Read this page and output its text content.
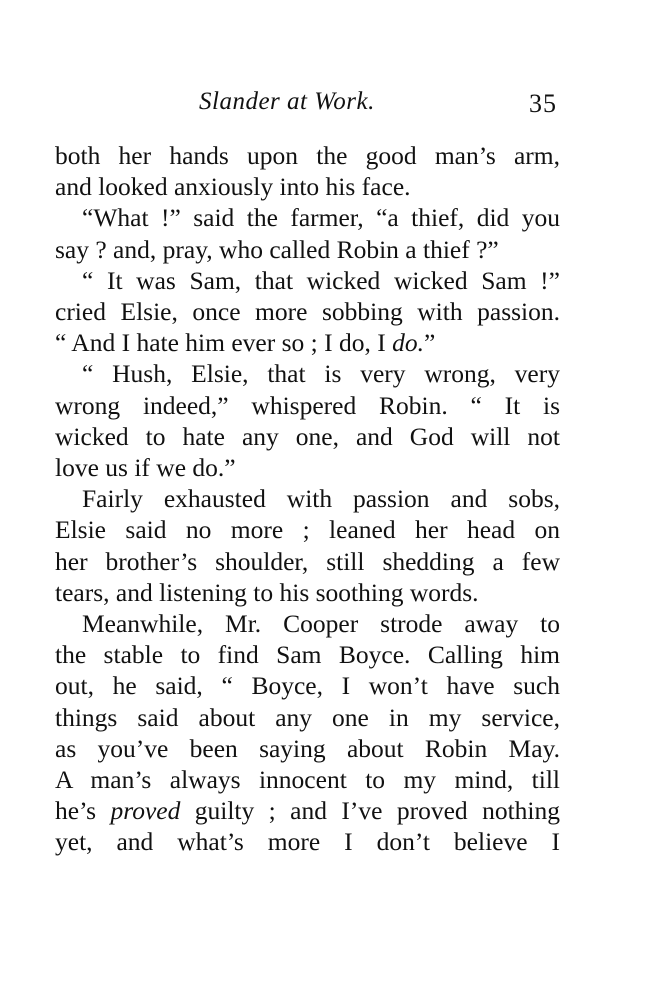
Slander at Work.	35
both her hands upon the good man’s arm,
and looked anxiously into his face.
“What !” said the farmer, “a thief, did you
say ? and, pray, who called Robin a thief ?”
“ It was Sam, that wicked wicked Sam !”
cried Elsie, once more sobbing with passion.
“ And I hate him ever so ; I do, I do.”
“ Hush, Elsie, that is very wrong, very
wrong indeed,” whispered Robin. “ It is
wicked to hate any one, and God will not
love us if we do.”
Fairly exhausted with passion and sobs,
Elsie said no more ; leaned her head on
her brother’s shoulder, still shedding a few
tears, and listening to his soothing words.
Meanwhile, Mr. Cooper strode away to
the stable to find Sam Boyce. Calling him
out, he said, “ Boyce, I won’t have such
things said about any one in my service,
as you’ve been saying about Robin May.
A man’s always innocent to my mind, till
he’s proved guilty ; and I’ve proved nothing
yet, and what’s more I don’t believe I
